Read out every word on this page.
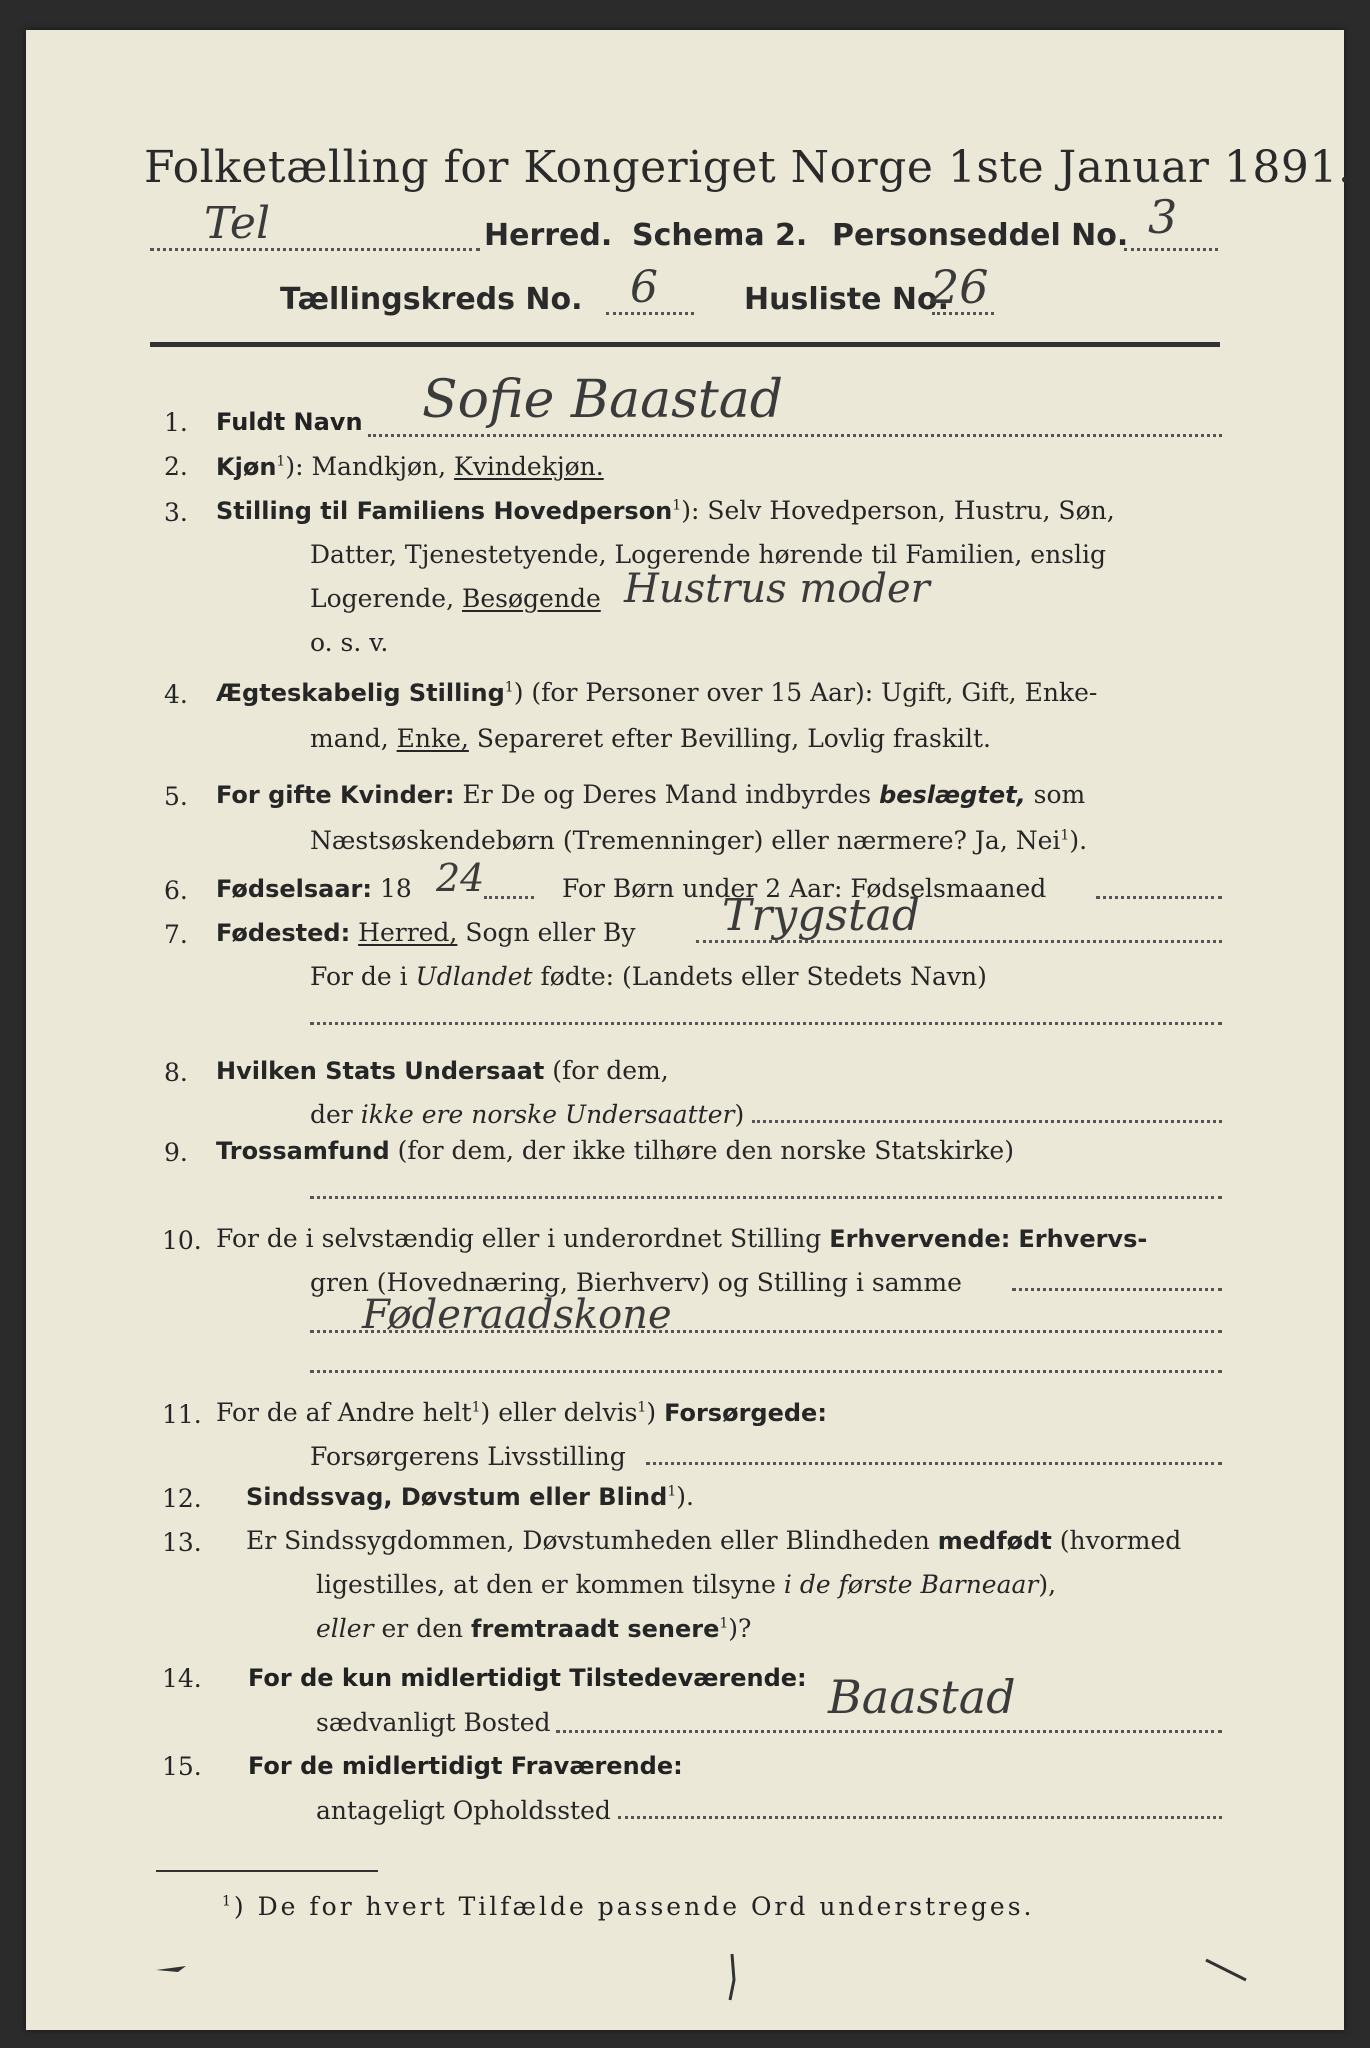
Folketælling for Kongeriget Norge 1ste Januar 1891.
Tel	Herred. Schema 2. Personseddel No. 3
Tællingskreds No. 6	Husliste No.
26
1. Fuldt Navn Sofie Baastad
2. Kjøn$^1$): Mandkjøn, Kvindekjøn.
3. Stilling til Familiens Hovedperson$^1$): Selv Hovedperson, Hustru, Søn,
Datter, Tjenestetyende, Logerende hørende til Familien, enslig
Logerende, Besøgende Hustrus moder
o. s. v.
4. Ægteskabelig Stilling$^1$) (for Personer over 15 Aar): Ugift, Gift, Enke-
mand, Enke, Separeret efter Bevilling, Lovlig fraskilt.
5. For gifte Kvinder: Er De og Deres Mand indbyrdes beslægtet, som
Næstsøskendebørn (Tremenninger) eller nærmere? Ja, Nei$^1$).
6. Fødselsaar: 18 24	For Børn under 2 Aar: Fødselsmaaned
7. Fødested: Herred, Sogn eller By Trygstad
For de i Udlandet fødte: (Landets eller Stedets Navn)
8. Hvilken Stats Undersaat (for dem,
der ikke ere norske Undersaatter)
9. Trossamfund (for dem, der ikke tilhøre den norske Statskirke)
10. For de i selvstændig eller i underordnet Stilling Erhvervende: Erhvervs-
gren (Hovednæring, Bierhverv) og Stilling i samme
Føderaadskone
11. For de af Andre helt$^1$) eller delvis$^1$) Forsørgede:
Forsørgerens Livsstilling
12. Sindssvag, Døvstum eller Blind$^1$).
13. Er Sindssygdommen, Døvstumheden eller Blindheden medfødt (hvormed
ligestilles, at den er kommen tilsyne i de første Barneaar),
eller er den fremtraadt senere$^1$)?
14. For de kun midlertidigt Tilstedeværende:
sædvanligt Bosted	Baastad
15. For de midlertidigt Fraværende:
antageligt Opholdssted
$^1$) De for hvert Tilfælde passende Ord understreges.
